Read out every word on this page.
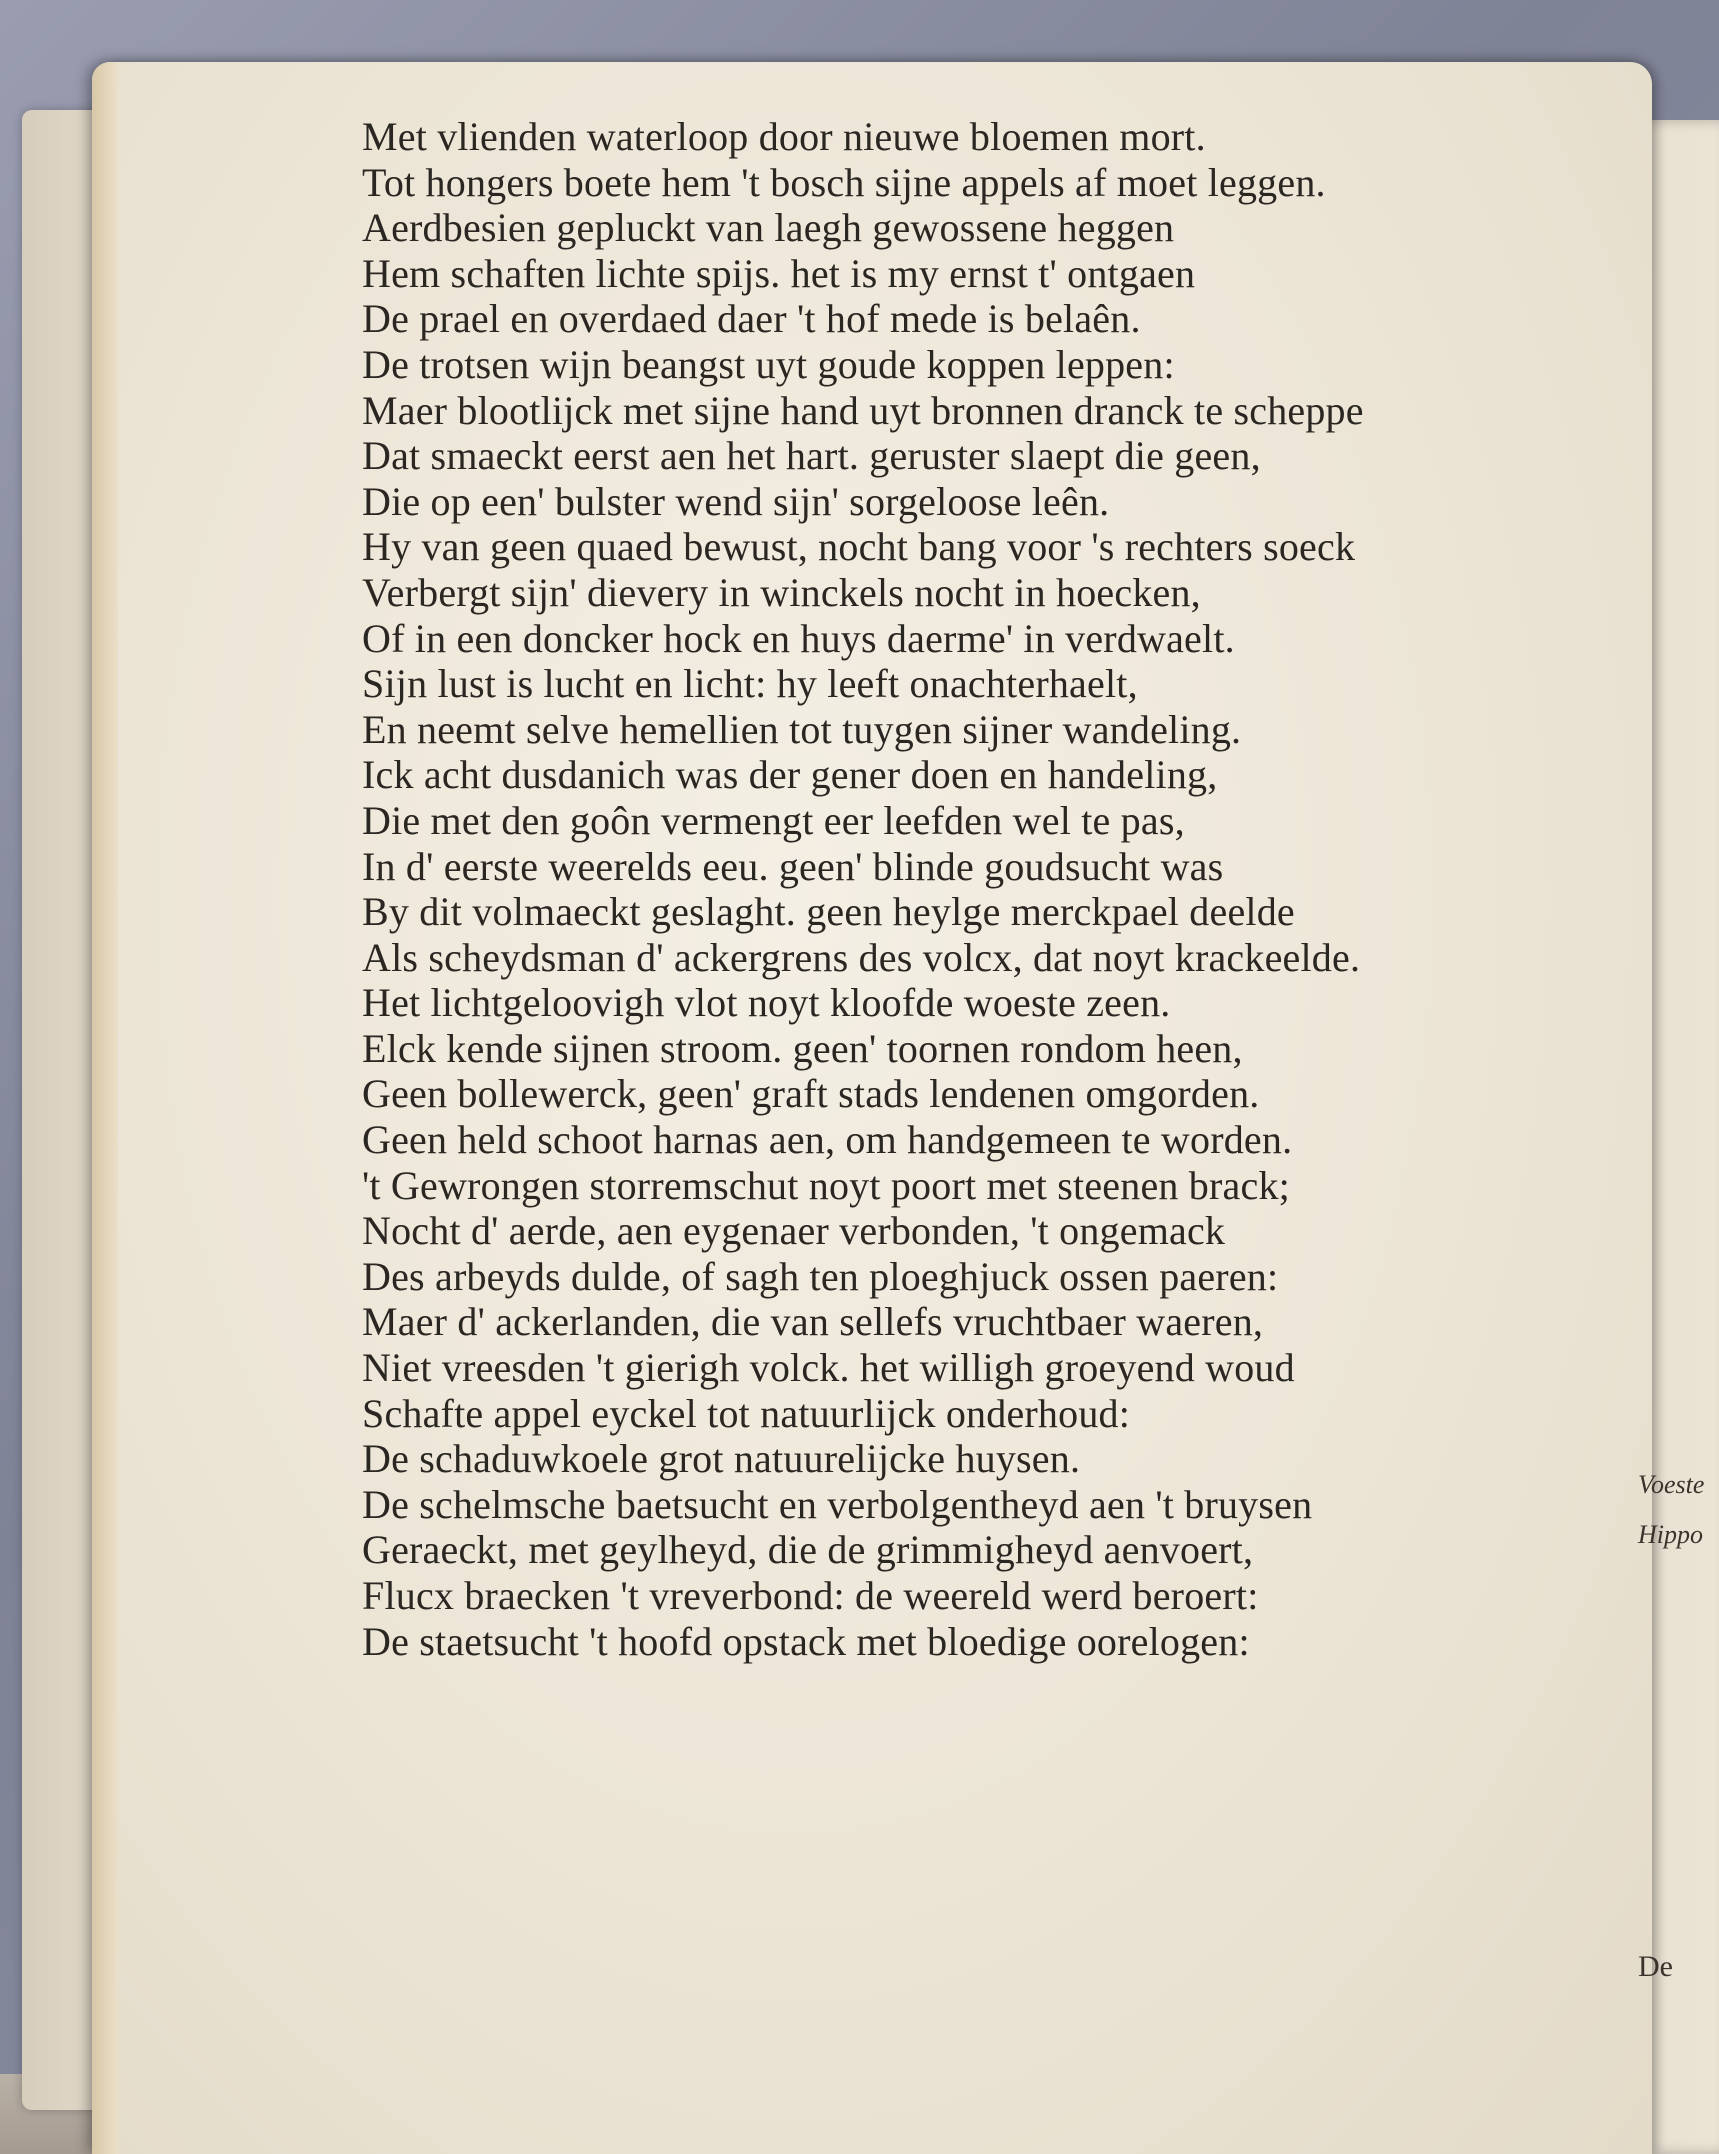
Met vlienden waterloop door nieuwe bloemen mort.
Tot hongers boete hem 't bosch sijne appels af moet leggen.
Aerdbesien gepluckt van laegh gewossene heggen
Hem schaften lichte spijs. het is my ernst t' ontgaen
De prael en overdaed daer 't hof mede is belaên.
De trotsen wijn beangst uyt goude koppen leppen:
Maer blootlijck met sijne hand uyt bronnen dranck te scheppe
Dat smaeckt eerst aen het hart. geruster slaept die geen,
Die op een' bulster wend sijn' sorgeloose leên.
Hy van geen quaed bewust, nocht bang voor 's rechters soeck
Verbergt sijn' dievery in winckels nocht in hoecken,
Of in een doncker hock en huys daerme' in verdwaelt.
Sijn lust is lucht en licht: hy leeft onachterhaelt,
En neemt selve hemellien tot tuygen sijner wandeling.
Ick acht dusdanich was der gener doen en handeling,
Die met den goôn vermengt eer leefden wel te pas,
In d' eerste weerelds eeu. geen' blinde goudsucht was
By dit volmaeckt geslaght. geen heylge merckpael deelde
Als scheydsman d' ackergrens des volcx, dat noyt krackeelde.
Het lichtgeloovigh vlot noyt kloofde woeste zeen.
Elck kende sijnen stroom. geen' toornen rondom heen,
Geen bollewerck, geen' graft stads lendenen omgorden.
Geen held schoot harnas aen, om handgemeen te worden.
't Gewrongen storremschut noyt poort met steenen brack;
Nocht d' aerde, aen eygenaer verbonden, 't ongemack
Des arbeyds dulde, of sagh ten ploeghjuck ossen paeren:
Maer d' ackerlanden, die van sellefs vruchtbaer waeren,
Niet vreesden 't gierigh volck. het willigh groeyend woud
Schafte appel eyckel tot natuurlijck onderhoud:
De schaduwkoele grot natuurelijcke huysen.
De schelmsche baetsucht en verbolgentheyd aen 't bruysen
Geraeckt, met geylheyd, die de grimmigheyd aenvoert,
Flucx braecken 't vreverbond: de weereld werd beroert:
De staetsucht 't hoofd opstack met bloedige oorelogen:
Voeste
Hippo
De
